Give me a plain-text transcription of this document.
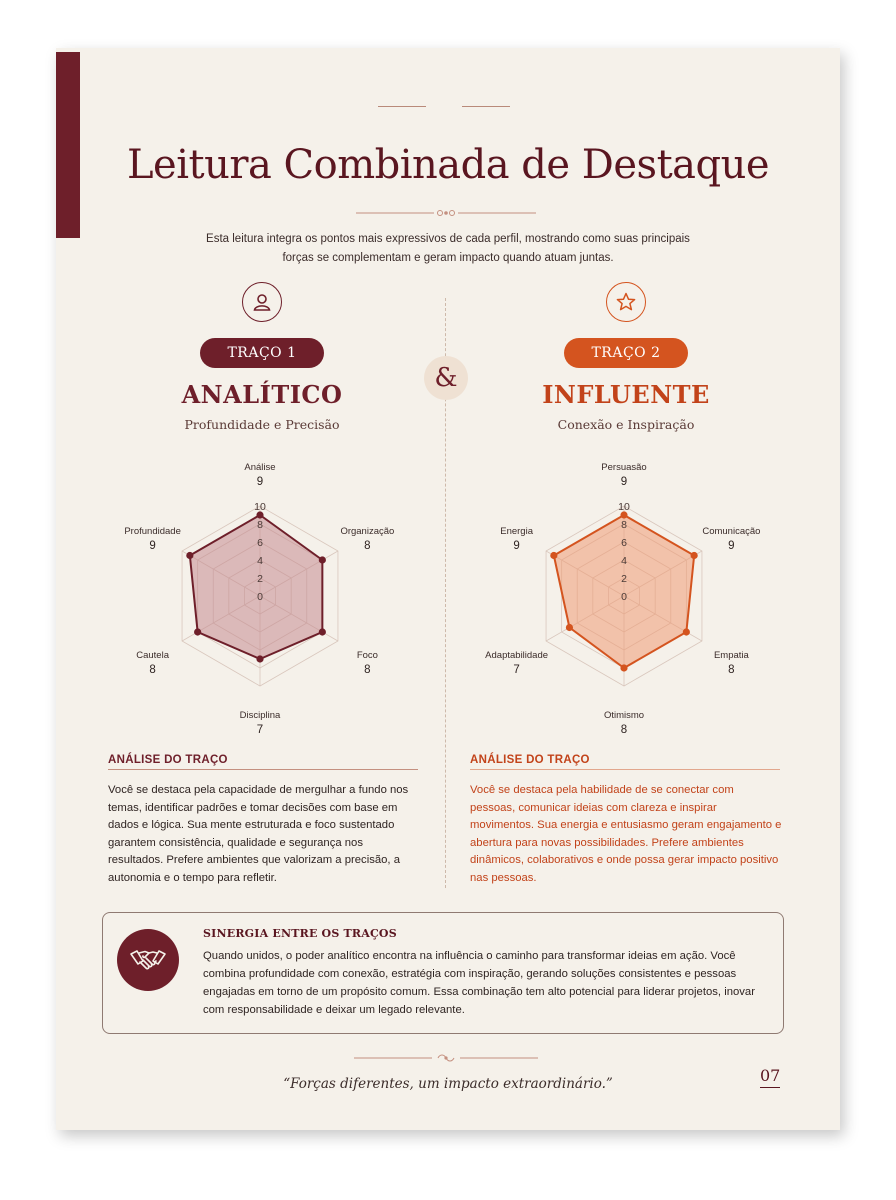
Leitura Combinada de Destaque
Esta leitura integra os pontos mais expressivos de cada perfil, mostrando como suas principais forças se complementam e geram impacto quando atuam juntas.
&
TRAÇO 1
ANALÍTICO
Profundidade e Precisão
TRAÇO 2
INFLUENTE
Conexão e Inspiração
0
2
4
6
8
10
Análise
9
Organização
8
Foco
8
Disciplina
7
Cautela
8
Profundidade
9
0
2
4
6
8
10
Persuasão
9
Comunicação
9
Empatia
8
Otimismo
8
Adaptabilidade
7
Energia
9
ANÁLISE DO TRAÇO
Você se destaca pela capacidade de mergulhar a fundo nos temas, identificar padrões e tomar decisões com base em dados e lógica. Sua mente estruturada e foco sustentado garantem consistência, qualidade e segurança nos resultados. Prefere ambientes que valorizam a precisão, a autonomia e o tempo para refletir.
ANÁLISE DO TRAÇO
Você se destaca pela habilidade de se conectar com pessoas, comunicar ideias com clareza e inspirar movimentos. Sua energia e entusiasmo geram engajamento e abertura para novas possibilidades. Prefere ambientes dinâmicos, colaborativos e onde possa gerar impacto positivo nas pessoas.
SINERGIA ENTRE OS TRAÇOS
Quando unidos, o poder analítico encontra na influência o caminho para transformar ideias em ação. Você combina profundidade com conexão, estratégia com inspiração, gerando soluções consistentes e pessoas engajadas em torno de um propósito comum. Essa combinação tem alto potencial para liderar projetos, inovar com responsabilidade e deixar um legado relevante.
“Forças diferentes, um impacto extraordinário.”	07
